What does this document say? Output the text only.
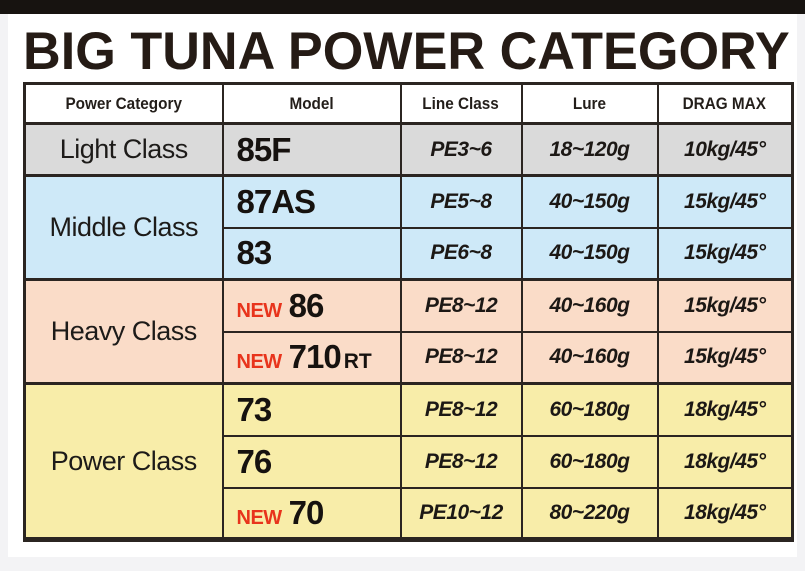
BIG TUNA POWER CATEGORY
Power Category	Model	Line Class	Lure	DRAG MAX
Light Class	85F	PE3~6	18~120g	10kg/45°
Middle Class	87AS	PE5~8	40~150g	15kg/45°
	83	PE6~8	40~150g	15kg/45°
Heavy Class	NEW 86	PE8~12	40~160g	15kg/45°
	NEW 710 RT	PE8~12	40~160g	15kg/45°
Power Class	73	PE8~12	60~180g	18kg/45°
	76	PE8~12	60~180g	18kg/45°
	NEW 70	PE10~12	80~220g	18kg/45°
